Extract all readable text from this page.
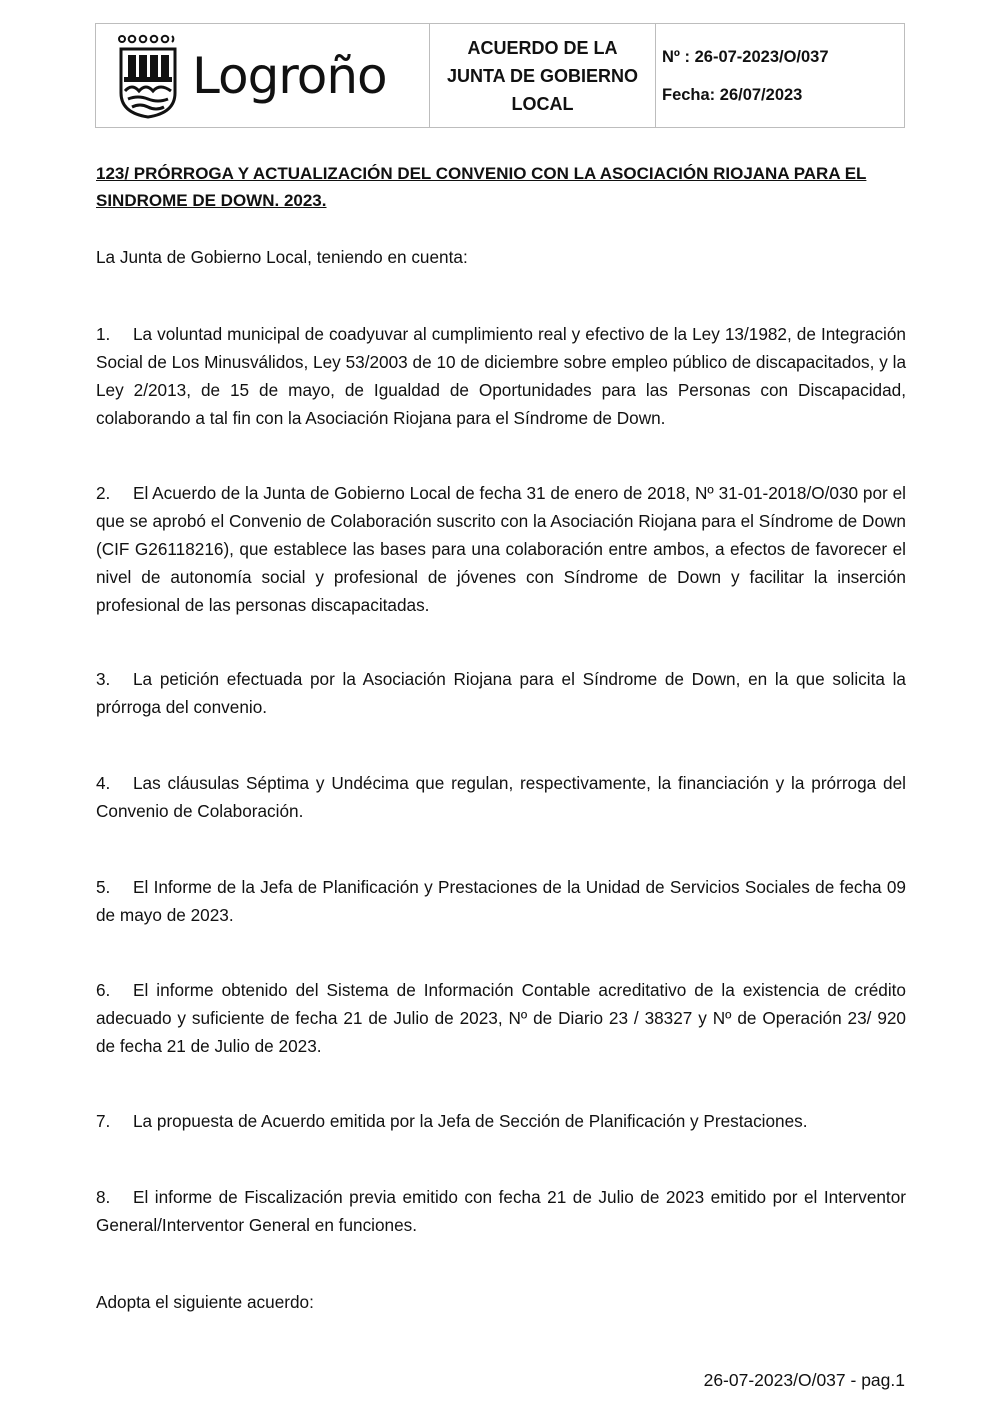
Logroño	ACUERDO DE LA JUNTA DE GOBIERNO LOCAL
Nº : 26-07-2023/O/037
Fecha: 26/07/2023
123/ PRÓRROGA Y ACTUALIZACIÓN DEL CONVENIO CON LA ASOCIACIÓN RIOJANA PARA EL SINDROME DE DOWN. 2023.
La Junta de Gobierno Local, teniendo en cuenta:
1. La voluntad municipal de coadyuvar al cumplimiento real y efectivo de la Ley 13/1982, de Integración Social de Los Minusválidos, Ley 53/2003 de 10 de diciembre sobre empleo público de discapacitados, y la Ley 2/2013, de 15 de mayo, de Igualdad de Oportunidades para las Personas con Discapacidad, colaborando a tal fin con la Asociación Riojana para el Síndrome de Down.
2. El Acuerdo de la Junta de Gobierno Local de fecha 31 de enero de 2018, Nº 31-01-2018/O/030 por el que se aprobó el Convenio de Colaboración suscrito con la Asociación Riojana para el Síndrome de Down (CIF G26118216), que establece las bases para una colaboración entre ambos, a efectos de favorecer el nivel de autonomía social y profesional de jóvenes con Síndrome de Down y facilitar la inserción profesional de las personas discapacitadas.
3. La petición efectuada por la Asociación Riojana para el Síndrome de Down, en la que solicita la prórroga del convenio.
4. Las cláusulas Séptima y Undécima que regulan, respectivamente, la financiación y la prórroga del Convenio de Colaboración.
5. El Informe de la Jefa de Planificación y Prestaciones de la Unidad de Servicios Sociales de fecha 09 de mayo de 2023.
6. El informe obtenido del Sistema de Información Contable acreditativo de la existencia de crédito adecuado y suficiente de fecha 21 de Julio de 2023, Nº de Diario 23 / 38327 y Nº de Operación 23/ 920 de fecha 21 de Julio de 2023.
7. La propuesta de Acuerdo emitida por la Jefa de Sección de Planificación y Prestaciones.
8. El informe de Fiscalización previa emitido con fecha 21 de Julio de 2023 emitido por el Interventor General/Interventor General en funciones.
Adopta el siguiente acuerdo:
26-07-2023/O/037 - pag.1
